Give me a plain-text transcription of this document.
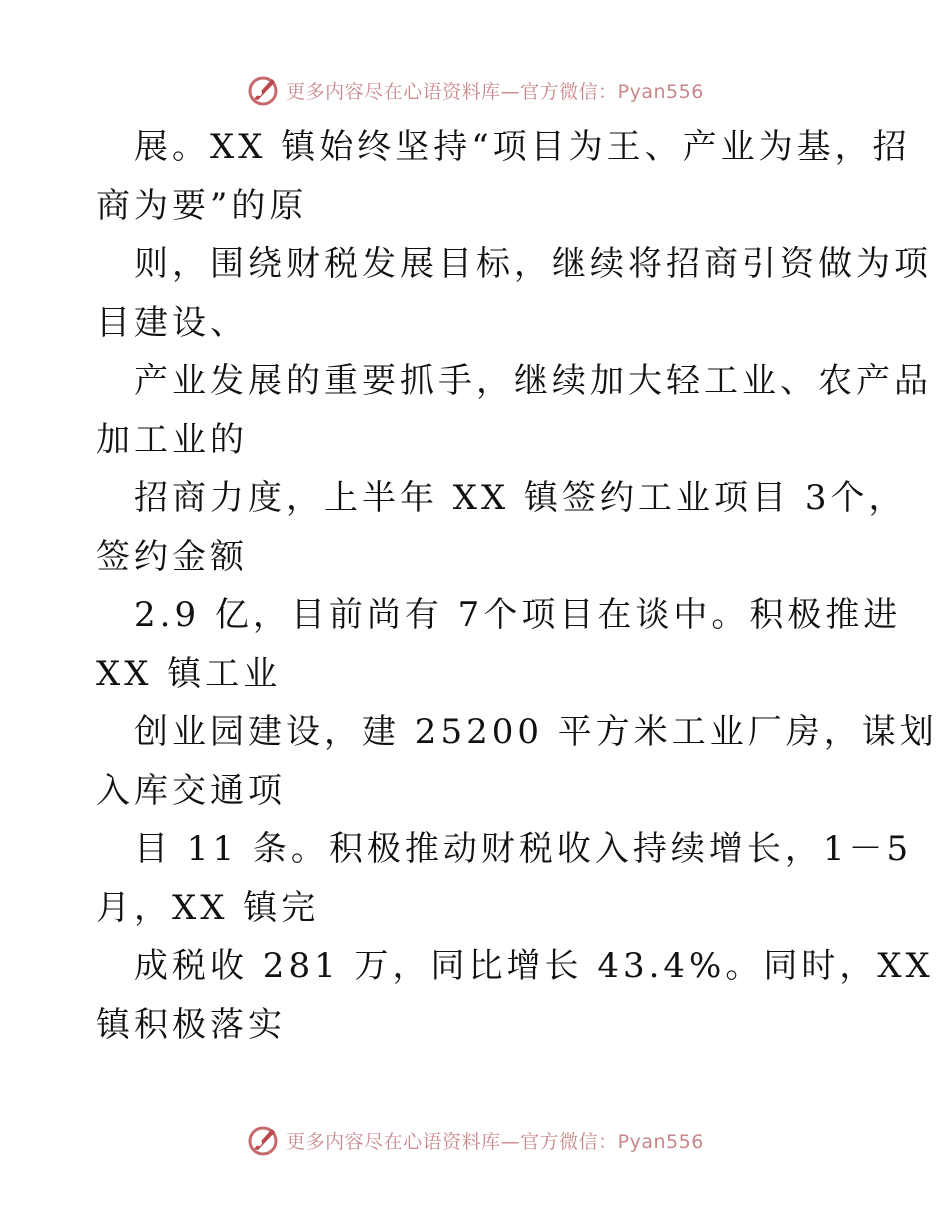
更多内容尽在心语资料库—官方微信：Pyan556
展。XX 镇始终坚持“项目为王、产业为基，招
商为要”的原
则，围绕财税发展目标，继续将招商引资做为项
目建设、
产业发展的重要抓手，继续加大轻工业、农产品
加工业的
招商力度，上半年 XX 镇签约工业项目 3个，
签约金额
2.9 亿，目前尚有 7个项目在谈中。积极推进
XX 镇工业
创业园建设，建 25200 平方米工业厂房，谋划
入库交通项
目 11 条。积极推动财税收入持续增长，1－5
月，XX 镇完
成税收 281 万，同比增长 43.4%。同时，XX
镇积极落实
更多内容尽在心语资料库—官方微信：Pyan556
